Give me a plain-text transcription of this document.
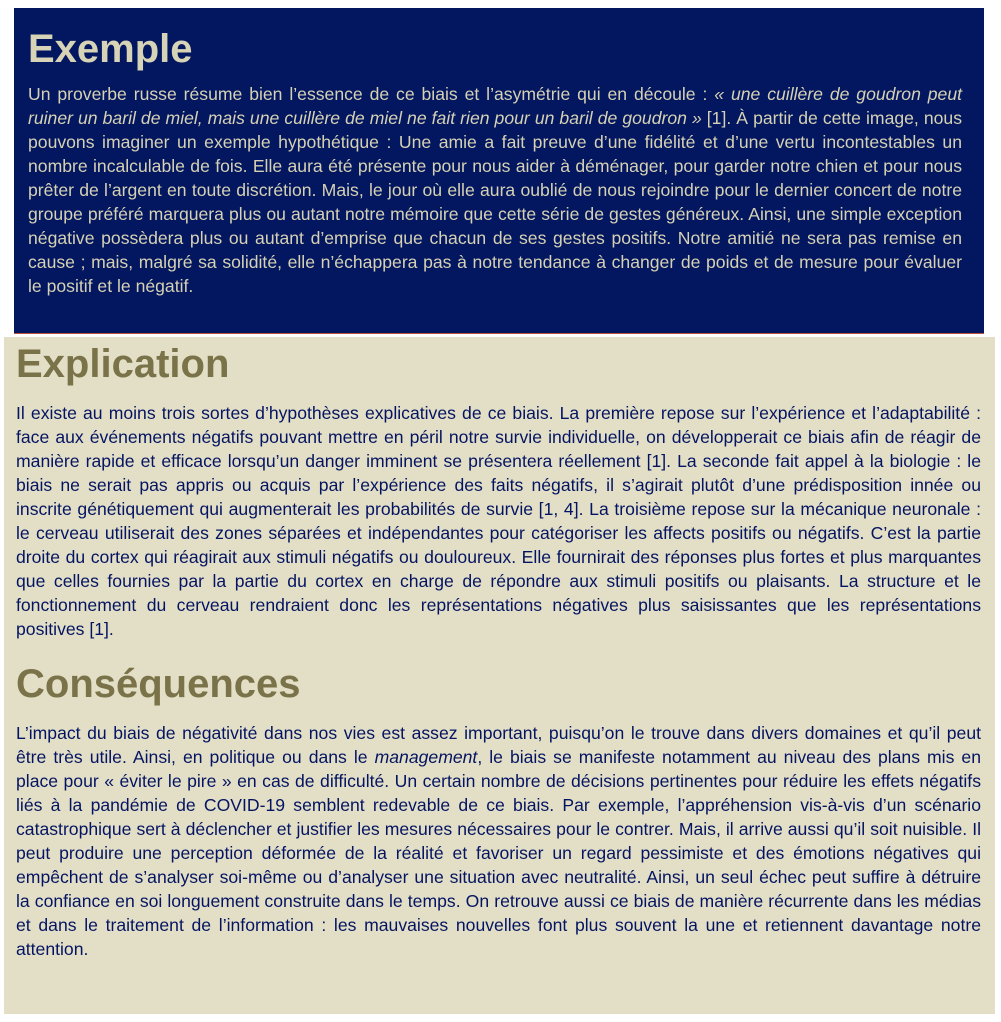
Exemple

Un proverbe russe résume bien l’essence de ce biais et l’asymétrie qui en découle : « une cuillère de goudron peut ruiner un baril de miel, mais une cuillère de miel ne fait rien pour un baril de goudron » [1]. À partir de cette image, nous pouvons imaginer un exemple hypothétique : Une amie a fait preuve d’une fidélité et d’une vertu incontestables un nombre incalculable de fois. Elle aura été présente pour nous aider à déménager, pour garder notre chien et pour nous prêter de l’argent en toute discrétion. Mais, le jour où elle aura oublié de nous rejoindre pour le dernier concert de notre groupe préféré marquera plus ou autant notre mémoire que cette série de gestes généreux. Ainsi, une simple exception négative possèdera plus ou autant d’emprise que chacun de ses gestes positifs. Notre amitié ne sera pas remise en cause ; mais, malgré sa solidité, elle n’échappera pas à notre tendance à changer de poids et de mesure pour évaluer le positif et le négatif.

Explication

Il existe au moins trois sortes d’hypothèses explicatives de ce biais. La première repose sur l’expérience et l’adaptabilité : face aux événements négatifs pouvant mettre en péril notre survie individuelle, on développerait ce biais afin de réagir de manière rapide et efficace lorsqu’un danger imminent se présentera réellement [1]. La seconde fait appel à la biologie : le biais ne serait pas appris ou acquis par l’expérience des faits négatifs, il s’agirait plutôt d’une prédisposition innée ou inscrite génétiquement qui augmenterait les probabilités de survie [1, 4]. La troisième repose sur la mécanique neuronale : le cerveau utiliserait des zones séparées et indépendantes pour catégoriser les affects positifs ou négatifs. C’est la partie droite du cortex qui réagirait aux stimuli négatifs ou douloureux. Elle fournirait des réponses plus fortes et plus marquantes que celles fournies par la partie du cortex en charge de répondre aux stimuli positifs ou plaisants. La structure et le fonctionnement du cerveau rendraient donc les représentations négatives plus saisissantes que les représentations positives [1].

Conséquences

L’impact du biais de négativité dans nos vies est assez important, puisqu’on le trouve dans divers domaines et qu’il peut être très utile. Ainsi, en politique ou dans le management, le biais se manifeste notamment au niveau des plans mis en place pour « éviter le pire » en cas de difficulté. Un certain nombre de décisions pertinentes pour réduire les effets négatifs liés à la pandémie de COVID-19 semblent redevable de ce biais. Par exemple, l’appréhension vis-à-vis d’un scénario catastrophique sert à déclencher et justifier les mesures nécessaires pour le contrer. Mais, il arrive aussi qu’il soit nuisible. Il peut produire une perception déformée de la réalité et favoriser un regard pessimiste et des émotions négatives qui empêchent de s’analyser soi-même ou d’analyser une situation avec neutralité. Ainsi, un seul échec peut suffire à détruire la confiance en soi longuement construite dans le temps. On retrouve aussi ce biais de manière récurrente dans les médias et dans le traitement de l’information : les mauvaises nouvelles font plus souvent la une et retiennent davantage notre attention.
